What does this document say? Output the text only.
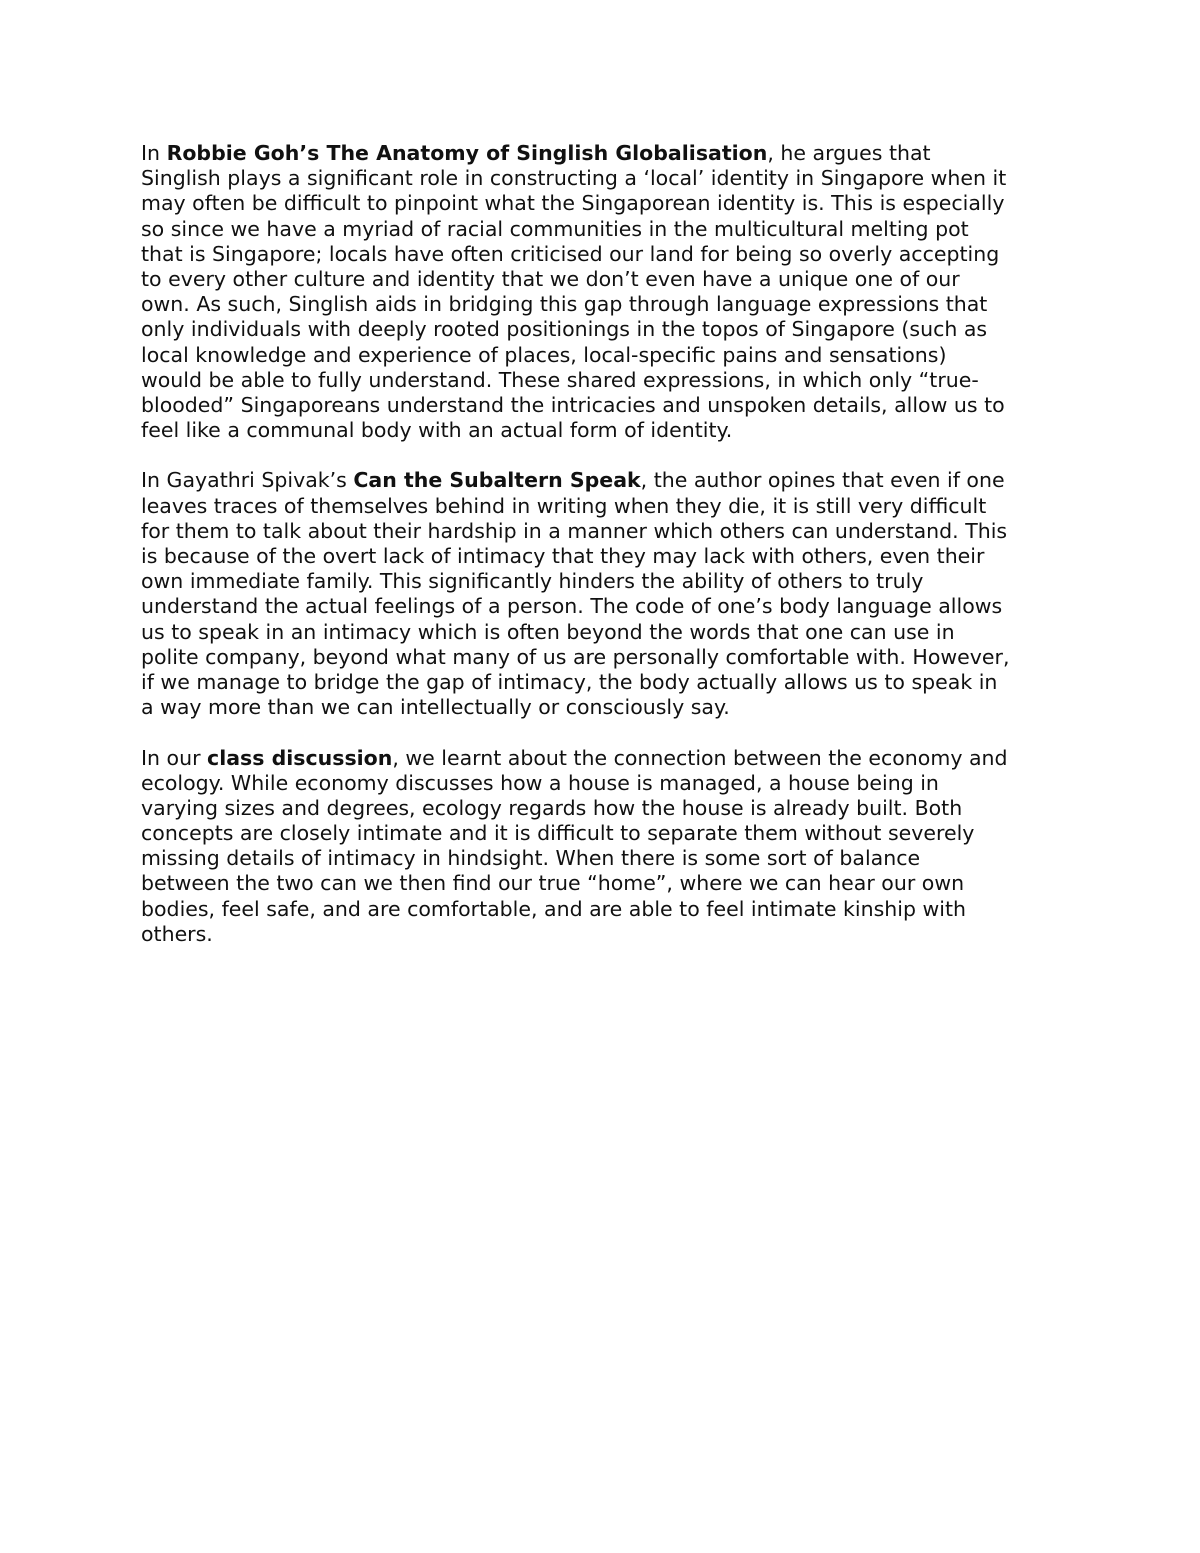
In Robbie Goh’s The Anatomy of Singlish Globalisation, he argues that
Singlish plays a significant role in constructing a ‘local’ identity in Singapore when it
may often be difficult to pinpoint what the Singaporean identity is. This is especially
so since we have a myriad of racial communities in the multicultural melting pot
that is Singapore; locals have often criticised our land for being so overly accepting
to every other culture and identity that we don’t even have a unique one of our
own. As such, Singlish aids in bridging this gap through language expressions that
only individuals with deeply rooted positionings in the topos of Singapore (such as
local knowledge and experience of places, local-specific pains and sensations)
would be able to fully understand. These shared expressions, in which only “true-
blooded” Singaporeans understand the intricacies and unspoken details, allow us to
feel like a communal body with an actual form of identity.
In Gayathri Spivak’s Can the Subaltern Speak, the author opines that even if one
leaves traces of themselves behind in writing when they die, it is still very difficult
for them to talk about their hardship in a manner which others can understand. This
is because of the overt lack of intimacy that they may lack with others, even their
own immediate family. This significantly hinders the ability of others to truly
understand the actual feelings of a person. The code of one’s body language allows
us to speak in an intimacy which is often beyond the words that one can use in
polite company, beyond what many of us are personally comfortable with. However,
if we manage to bridge the gap of intimacy, the body actually allows us to speak in
a way more than we can intellectually or consciously say.
In our class discussion, we learnt about the connection between the economy and
ecology. While economy discusses how a house is managed, a house being in
varying sizes and degrees, ecology regards how the house is already built. Both
concepts are closely intimate and it is difficult to separate them without severely
missing details of intimacy in hindsight. When there is some sort of balance
between the two can we then find our true “home”, where we can hear our own
bodies, feel safe, and are comfortable, and are able to feel intimate kinship with
others.
